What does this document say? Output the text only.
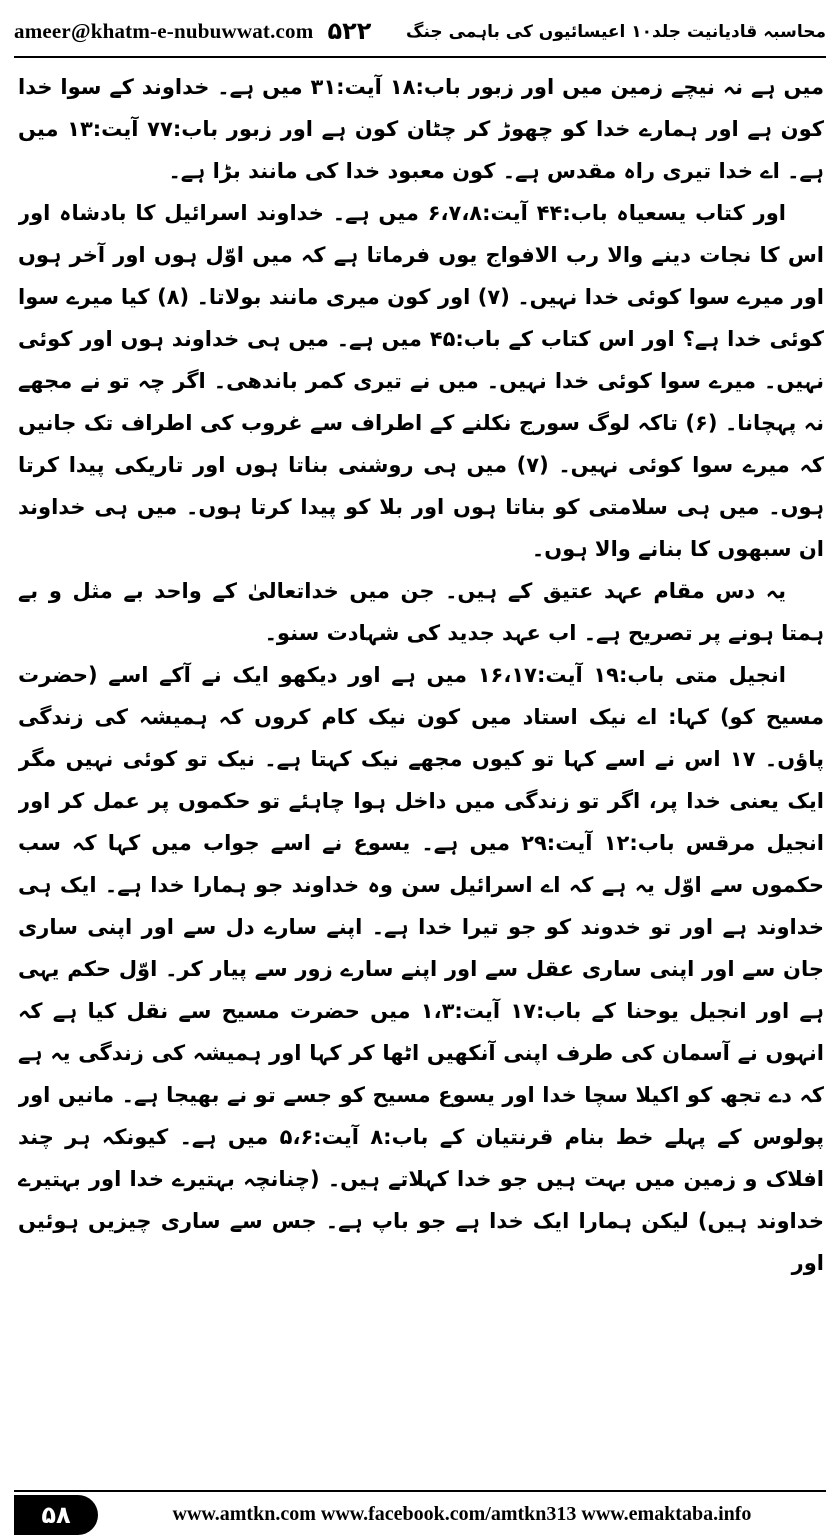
ameer@khatm-e-nubuwwat.com ۵۲۲ محاسبہ قادیانیت جلد۱۰ اعیسائیوں کی باہمی جنگ

میں ہے نہ نیچے زمین میں اور زبور باب:۱۸ آیت:۳۱ میں ہے۔ خداوند کے سوا خدا کون ہے اور ہمارے خدا کو چھوڑ کر چٹان کون ہے اور زبور باب:۷۷ آیت:۱۳ میں ہے۔ اے خدا تیری راہ مقدس ہے۔ کون معبود خدا کی مانند بڑا ہے۔

اور کتاب یسعیاہ باب:۴۴ آیت:۶،۷،۸ میں ہے۔ خداوند اسرائیل کا بادشاہ اور اس کا نجات دینے والا رب الافواج یوں فرماتا ہے کہ میں اوّل ہوں اور آخر ہوں اور میرے سوا کوئی خدا نہیں۔ (۷) اور کون میری مانند بولاتا۔ (۸) کیا میرے سوا کوئی خدا ہے؟ اور اس کتاب کے باب:۴۵ میں ہے۔ میں ہی خداوند ہوں اور کوئی نہیں۔ میرے سوا کوئی خدا نہیں۔ میں نے تیری کمر باندھی۔ اگر چہ تو نے مجھے نہ پہچانا۔ (۶) تاکہ لوگ سورج نکلنے کے اطراف سے غروب کی اطراف تک جانیں کہ میرے سوا کوئی نہیں۔ (۷) میں ہی روشنی بناتا ہوں اور تاریکی پیدا کرتا ہوں۔ میں ہی سلامتی کو بناتا ہوں اور بلا کو پیدا کرتا ہوں۔ میں ہی خداوند ان سبھوں کا بنانے والا ہوں۔

یہ دس مقام عہد عتیق کے ہیں۔ جن میں خداتعالیٰ کے واحد بے مثل و بے ہمتا ہونے پر تصریح ہے۔ اب عہد جدید کی شہادت سنو۔

انجیل متی باب:۱۹ آیت:۱۶،۱۷ میں ہے اور دیکھو ایک نے آکے اسے (حضرت مسیح کو) کہا: اے نیک استاد میں کون نیک کام کروں کہ ہمیشہ کی زندگی پاؤں۔ ۱۷ اس نے اسے کہا تو کیوں مجھے نیک کہتا ہے۔ نیک تو کوئی نہیں مگر ایک یعنی خدا پر، اگر تو زندگی میں داخل ہوا چاہئے تو حکموں پر عمل کر اور انجیل مرقس باب:۱۲ آیت:۲۹ میں ہے۔ یسوع نے اسے جواب میں کہا کہ سب حکموں سے اوّل یہ ہے کہ اے اسرائیل سن وہ خداوند جو ہمارا خدا ہے۔ ایک ہی خداوند ہے اور تو خدوند کو جو تیرا خدا ہے۔ اپنے سارے دل سے اور اپنی ساری جان سے اور اپنی ساری عقل سے اور اپنے سارے زور سے پیار کر۔ اوّل حکم یہی ہے اور انجیل یوحنا کے باب:۱۷ آیت:۱،۳ میں حضرت مسیح سے نقل کیا ہے کہ انہوں نے آسمان کی طرف اپنی آنکھیں اٹھا کر کہا اور ہمیشہ کی زندگی یہ ہے کہ دے تجھ کو اکیلا سچا خدا اور یسوع مسیح کو جسے تو نے بھیجا ہے۔ مانیں اور پولوس کے پہلے خط بنام قرنتیان کے باب:۸ آیت:۵،۶ میں ہے۔ کیونکہ ہر چند افلاک و زمین میں بہت ہیں جو خدا کہلاتے ہیں۔ (چنانچہ بہتیرے خدا اور بہتیرے خداوند ہیں) لیکن ہمارا ایک خدا ہے جو باپ ہے۔ جس سے ساری چیزیں ہوئیں اور

۵۸	www.amtkn.com www.facebook.com/amtkn313 www.emaktaba.info
